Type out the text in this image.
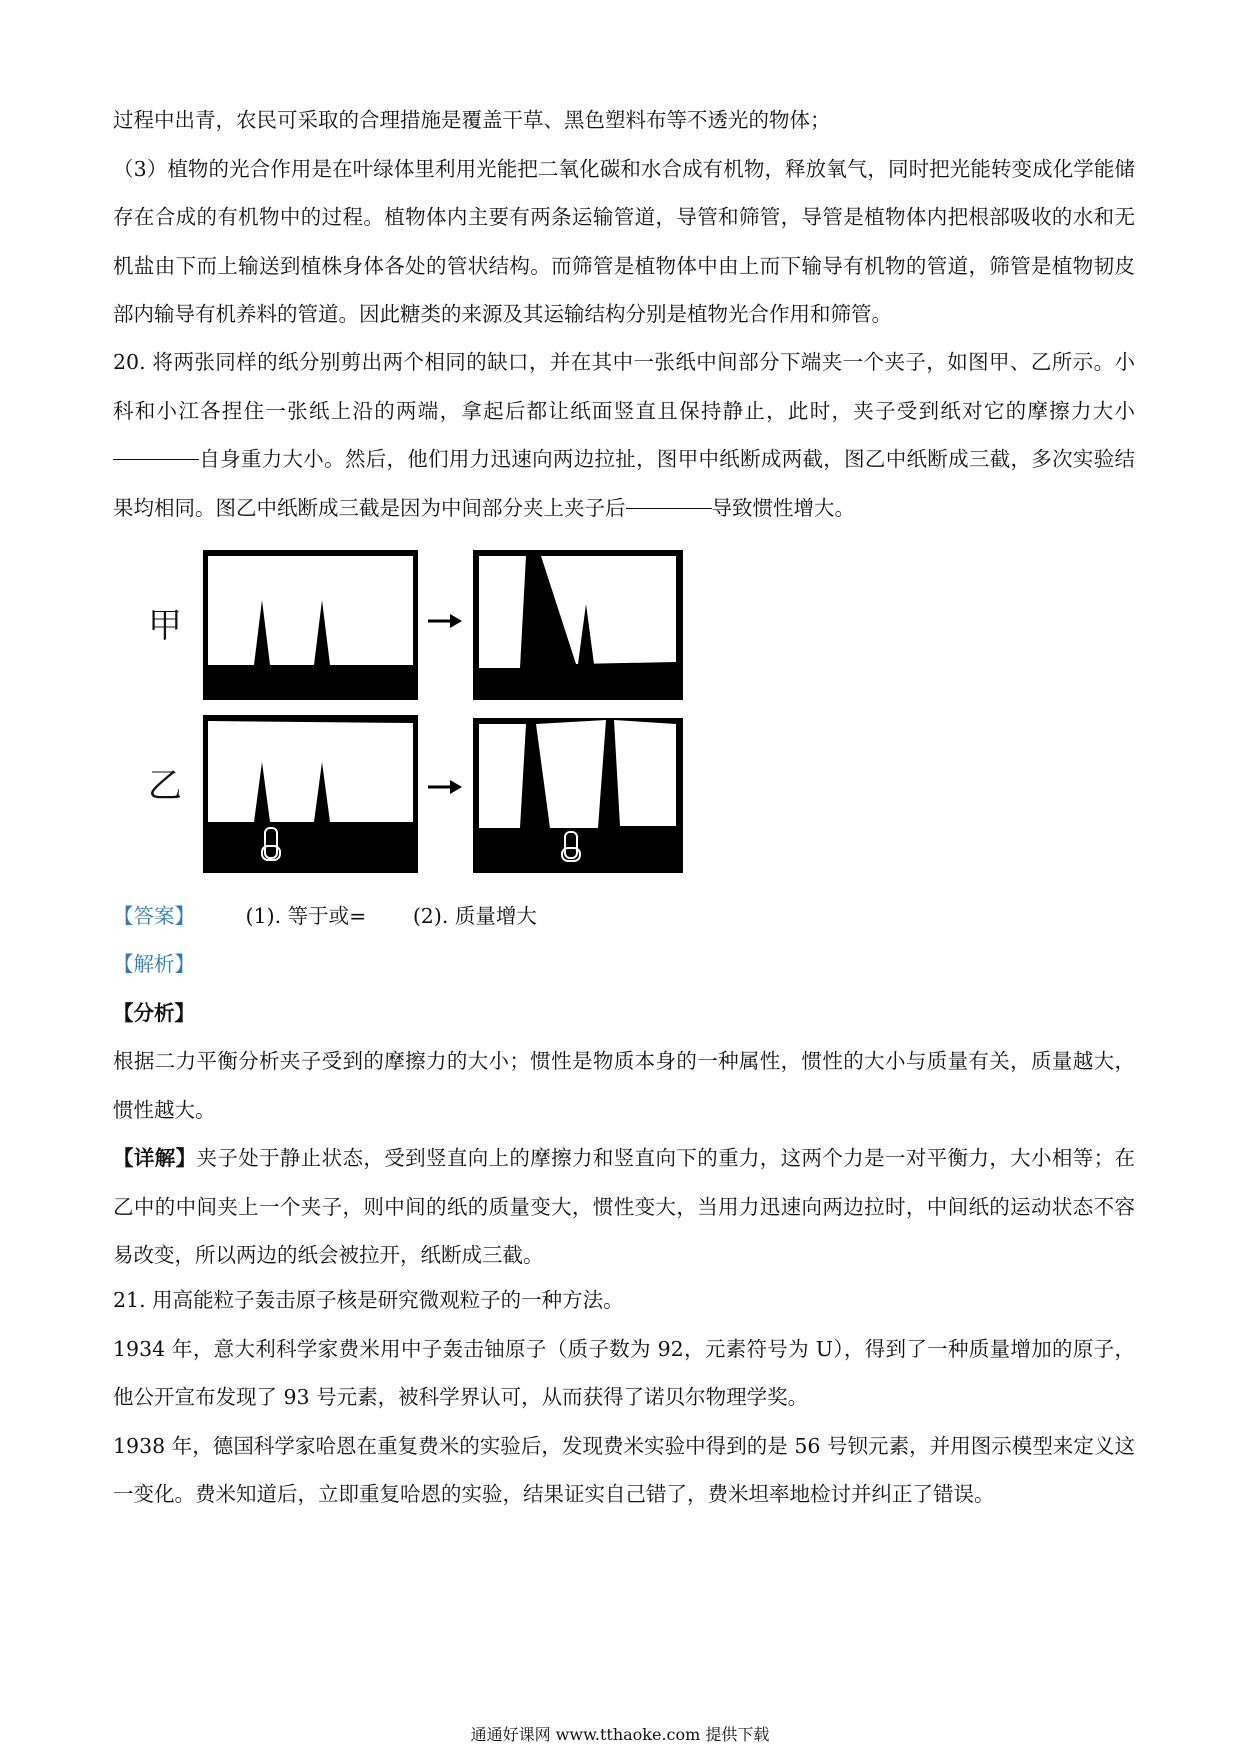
过程中出青，农民可采取的合理措施是覆盖干草、黑色塑料布等不透光的物体；

（3）植物的光合作用是在叶绿体里利用光能把二氧化碳和水合成有机物，释放氧气，同时把光能转变成化学能储存在合成的有机物中的过程。植物体内主要有两条运输管道，导管和筛管，导管是植物体内把根部吸收的水和无机盐由下而上输送到植株身体各处的管状结构。而筛管是植物体中由上而下输导有机物的管道，筛管是植物韧皮部内输导有机养料的管道。因此糖类的来源及其运输结构分别是植物光合作用和筛管。

20. 将两张同样的纸分别剪出两个相同的缺口，并在其中一张纸中间部分下端夹一个夹子，如图甲、乙所示。小科和小江各捏住一张纸上沿的两端，拿起后都让纸面竖直且保持静止，此时，夹子受到纸对它的摩擦力大小自身重力大小。然后，他们用力迅速向两边拉扯，图甲中纸断成两截，图乙中纸断成三截，多次实验结果均相同。图乙中纸断成三截是因为中间部分夹上夹子后	导致惯性增大。

甲
乙
【答案】 (1). 等于或= (2). 质量增大

【解析】

【分析】

根据二力平衡分析夹子受到的摩擦力的大小；惯性是物质本身的一种属性，惯性的大小与质量有关，质量越大，惯性越大。

【详解】夹子处于静止状态，受到竖直向上的摩擦力和竖直向下的重力，这两个力是一对平衡力，大小相等；在乙中的中间夹上一个夹子，则中间的纸的质量变大，惯性变大，当用力迅速向两边拉时，中间纸的运动状态不容易改变，所以两边的纸会被拉开，纸断成三截。

21. 用高能粒子轰击原子核是研究微观粒子的一种方法。

1934 年，意大利科学家费米用中子轰击铀原子（质子数为 92，元素符号为 U），得到了一种质量增加的原子，他公开宣布发现了 93 号元素，被科学界认可，从而获得了诺贝尔物理学奖。

1938 年，德国科学家哈恩在重复费米的实验后，发现费米实验中得到的是 56 号钡元素，并用图示模型来定义这一变化。费米知道后，立即重复哈恩的实验，结果证实自己错了，费米坦率地检讨并纠正了错误。

通通好课网 www.tthaoke.com 提供下载
